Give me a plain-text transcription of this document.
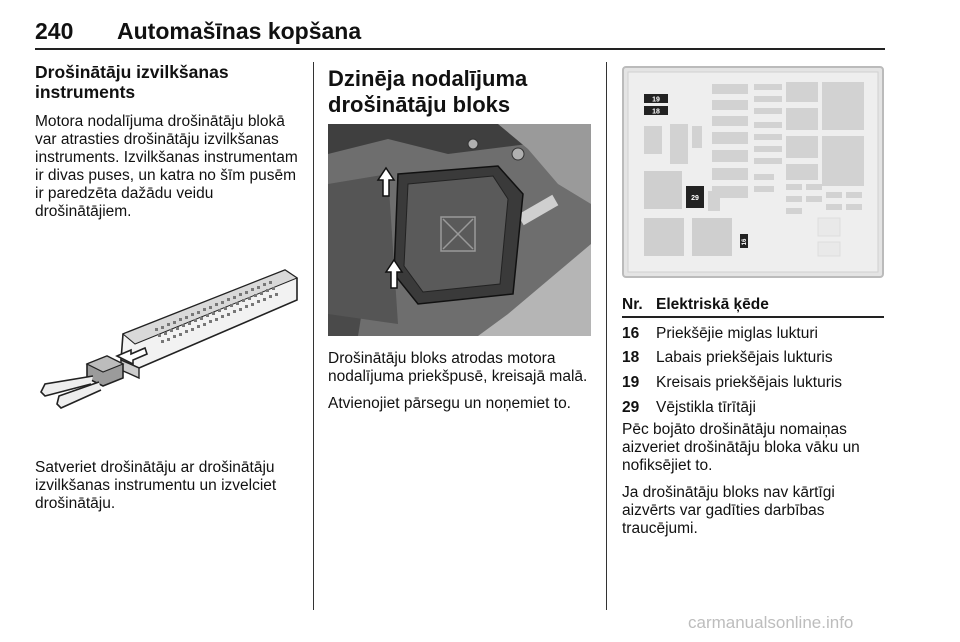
240 Automašīnas kopšana
Drošinātāju izvilkšanas instruments

Motora nodalījuma drošinātāju blokā var atrasties drošinātāju izvilkšanas instruments. Izvilkšanas instrumentam ir divas puses, un katra no šīm pusēm ir paredzēta dažādu veidu drošinātājiem.

Satveriet drošinātāju ar drošinātāju izvilkšanas instrumentu un izvelciet drošinātāju.

Dzinēja nodalījuma drošinātāju bloks

Drošinātāju bloks atrodas motora nodalījuma priekšpusē, kreisajā malā.

Atvienojiet pārsegu un noņemiet to.

19
18
29
16
Nr.	Elektriskā ķēde
16	Priekšējie miglas lukturi
18	Labais priekšējais lukturis
19	Kreisais priekšējais lukturis
29	Vējstikla tīrītāji

Pēc bojāto drošinātāju nomaiņas aizveriet drošinātāju bloka vāku un nofiksējiet to.

Ja drošinātāju bloks nav kārtīgi aizvērts var gadīties darbības traucējumi.

carmanualsonline.info
